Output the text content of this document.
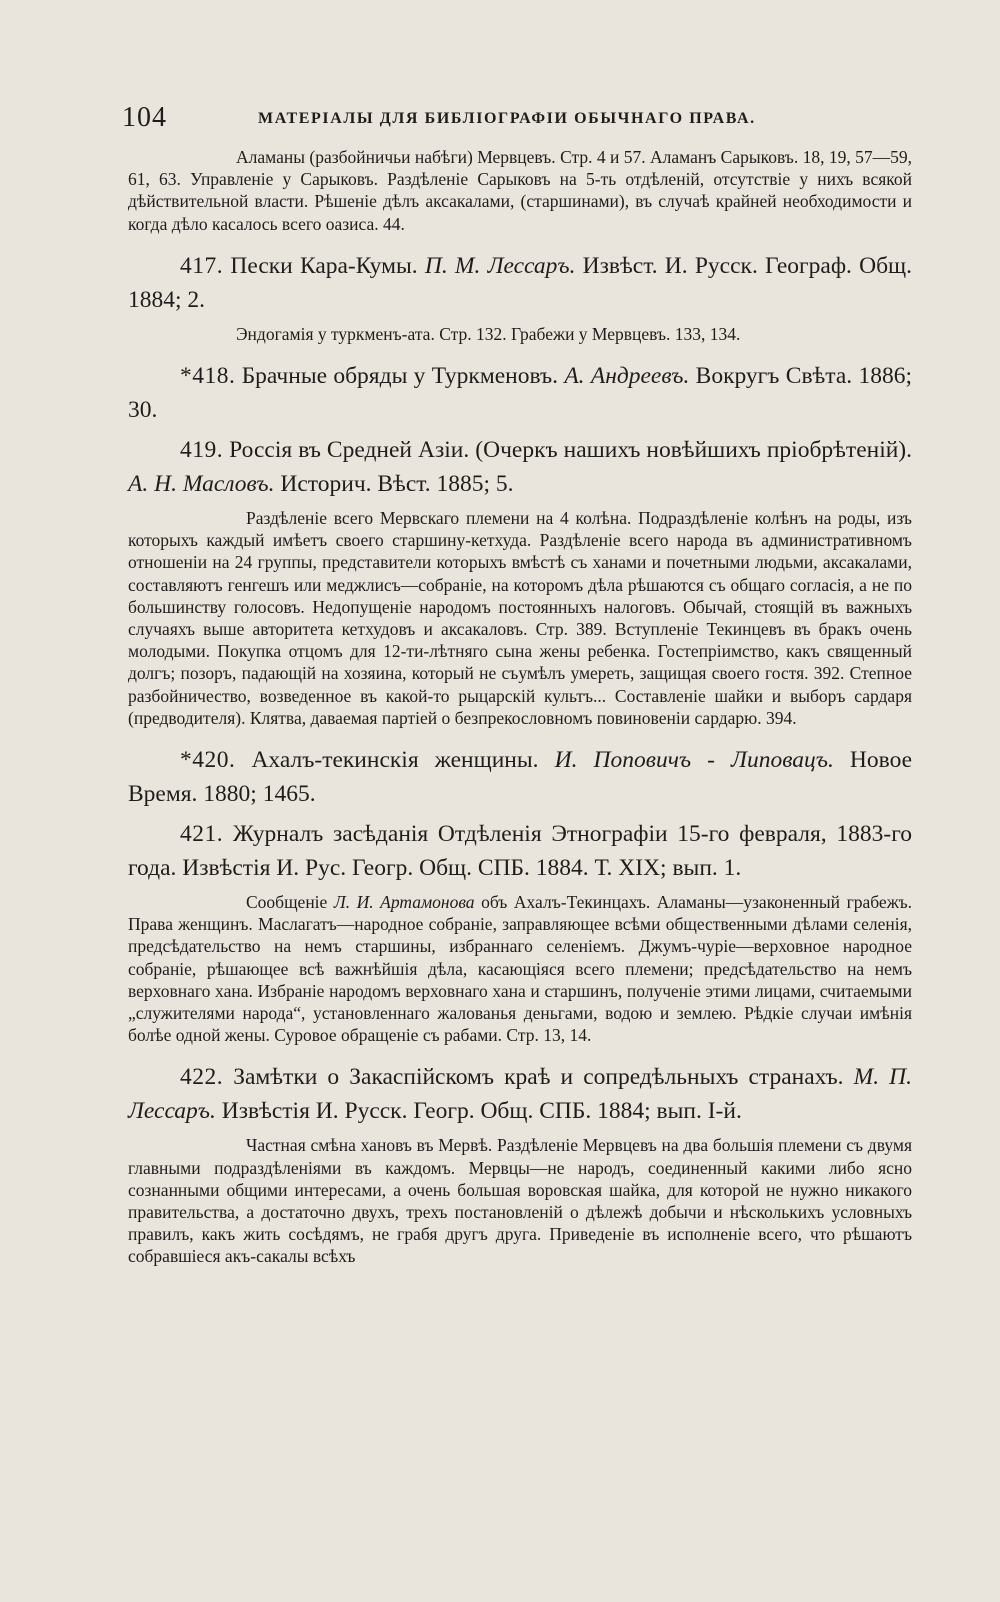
104	МАТЕРІАЛЫ ДЛЯ БИБЛІОГРАФІИ ОБЫЧНАГО ПРАВА.

Аламаны (разбойничьи набѣги) Мервцевъ. Стр. 4 и 57. Аламанъ Сарыковъ. 18, 19, 57—59, 61, 63. Управленіе у Сарыковъ. Раздѣленіе Сарыковъ на 5-ть отдѣленій, отсутствіе у нихъ всякой дѣйствительной власти. Рѣшеніе дѣлъ аксакалами, (старшинами), въ случаѣ крайней необходимости и когда дѣло касалось всего оазиса. 44.

417. Пески Кара-Кумы. П. М. Лессаръ. Извѣст. И. Русск. Географ. Общ. 1884; 2.

Эндогамія у туркменъ-ата. Стр. 132. Грабежи у Мервцевъ. 133, 134.

*418. Брачные обряды у Туркменовъ. А. Андреевъ. Вокругъ Свѣта. 1886; 30.

419. Россія въ Средней Азіи. (Очеркъ нашихъ новѣйшихъ пріобрѣтеній). А. Н. Масловъ. Историч. Вѣст. 1885; 5.

Раздѣленіе всего Мервскаго племени на 4 колѣна. Подраздѣленіе колѣнъ на роды, изъ которыхъ каждый имѣетъ своего старшину-кетхуда. Раздѣленіе всего народа въ административномъ отношеніи на 24 группы, представители которыхъ вмѣстѣ съ ханами и почетными людьми, аксакалами, составляютъ генгешъ или меджлисъ—собраніе, на которомъ дѣла рѣшаются съ общаго согласія, а не по большинству голосовъ. Недопущеніе народомъ постоянныхъ налоговъ. Обычай, стоящій въ важныхъ случаяхъ выше авторитета кетхудовъ и аксакаловъ. Стр. 389. Вступленіе Текинцевъ въ бракъ очень молодыми. Покупка отцомъ для 12-ти-лѣтняго сына жены ребенка. Гостепріимство, какъ священный долгъ; позоръ, падающій на хозяина, который не съумѣлъ умереть, защищая своего гостя. 392. Степное разбойничество, возведенное въ какой-то рыцарскій культъ... Составленіе шайки и выборъ сардаря (предводителя). Клятва, даваемая партіей о безпрекословномъ повиновеніи сардарю. 394.

*420. Ахалъ-текинскія женщины. И. Поповичъ - Липовацъ. Новое Время. 1880; 1465.

421. Журналъ засѣданія Отдѣленія Этнографіи 15-го февраля, 1883-го года. Извѣстія И. Рус. Геогр. Общ. СПБ. 1884. Т. XIX; вып. 1.

Сообщеніе Л. И. Артамонова объ Ахалъ-Текинцахъ. Аламаны—узаконенный грабежъ. Права женщинъ. Маслагатъ—народное собраніе, заправляющее всѣми общественными дѣлами селенія, предсѣдательство на немъ старшины, избраннаго селеніемъ. Джумъ-чуріе—верховное народное собраніе, рѣшающее всѣ важнѣйшія дѣла, касающіяся всего племени; предсѣдательство на немъ верховнаго хана. Избраніе народомъ верховнаго хана и старшинъ, полученіе этими лицами, считаемыми „служителями народа“, установленнаго жалованья деньгами, водою и землею. Рѣдкіе случаи имѣнія болѣе одной жены. Суровое обращеніе съ рабами. Стр. 13, 14.

422. Замѣтки о Закаспійскомъ краѣ и сопредѣльныхъ странахъ. М. П. Лессаръ. Извѣстія И. Русск. Геогр. Общ. СПБ. 1884; вып. I-й.

Частная смѣна хановъ въ Мервѣ. Раздѣленіе Мервцевъ на два большія племени съ двумя главными подраздѣленіями въ каждомъ. Мервцы—не народъ, соединенный какими либо ясно сознанными общими интересами, а очень большая воровская шайка, для которой не нужно никакого правительства, а достаточно двухъ, трехъ постановленій о дѣлежѣ добычи и нѣсколькихъ условныхъ правилъ, какъ жить сосѣдямъ, не грабя другъ друга. Приведеніе въ исполненіе всего, что рѣшаютъ собравшіеся акъ-сакалы всѣхъ
